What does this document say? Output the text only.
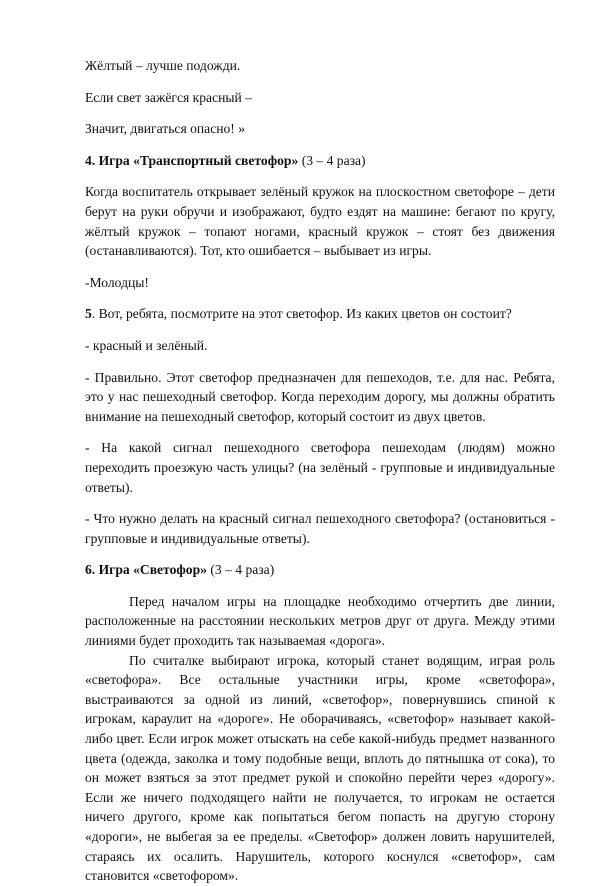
Жёлтый – лучше подожди.

Если свет зажёгся красный –

Значит, двигаться опасно! »

4. Игра «Транспортный светофор» (3 – 4 раза)

Когда воспитатель открывает зелёный кружок на плоскостном светофоре – дети берут на руки обручи и изображают, будто ездят на машине: бегают по кругу, жёлтый кружок – топают ногами, красный кружок – стоят без движения (останавливаются). Тот, кто ошибается – выбывает из игры.

-Молодцы!

5. Вот, ребята, посмотрите на этот светофор. Из каких цветов он состоит?

- красный и зелёный.

- Правильно. Этот светофор предназначен для пешеходов, т.е. для нас. Ребята, это у нас пешеходный светофор. Когда переходим дорогу, мы должны обратить внимание на пешеходный светофор, который состоит из двух цветов.

- На какой сигнал пешеходного светофора пешеходам (людям) можно переходить проезжую часть улицы? (на зелёный - групповые и индивидуальные ответы).

- Что нужно делать на красный сигнал пешеходного светофора? (остановиться - групповые и индивидуальные ответы).

6. Игра «Светофор» (3 – 4 раза)

Перед началом игры на площадке необходимо отчертить две линии, расположенные на расстоянии нескольких метров друг от друга. Между этими линиями будет проходить так называемая «дорога».

По считалке выбирают игрока, который станет водящим, играя роль «светофора». Все остальные участники игры, кроме «светофора», выстраиваются за одной из линий, «светофор», повернувшись спиной к игрокам, караулит на «дороге». Не оборачиваясь, «светофор» называет какой-либо цвет. Если игрок может отыскать на себе какой-нибудь предмет названного цвета (одежда, заколка и тому подобные вещи, вплоть до пятнышка от сока), то он может взяться за этот предмет рукой и спокойно перейти через «дорогу». Если же ничего подходящего найти не получается, то игрокам не остается ничего другого, кроме как попытаться бегом попасть на другую сторону «дороги», не выбегая за ее пределы. «Светофор» должен ловить нарушителей, стараясь их осалить. Нарушитель, которого коснулся «светофор», сам становится «светофором».
